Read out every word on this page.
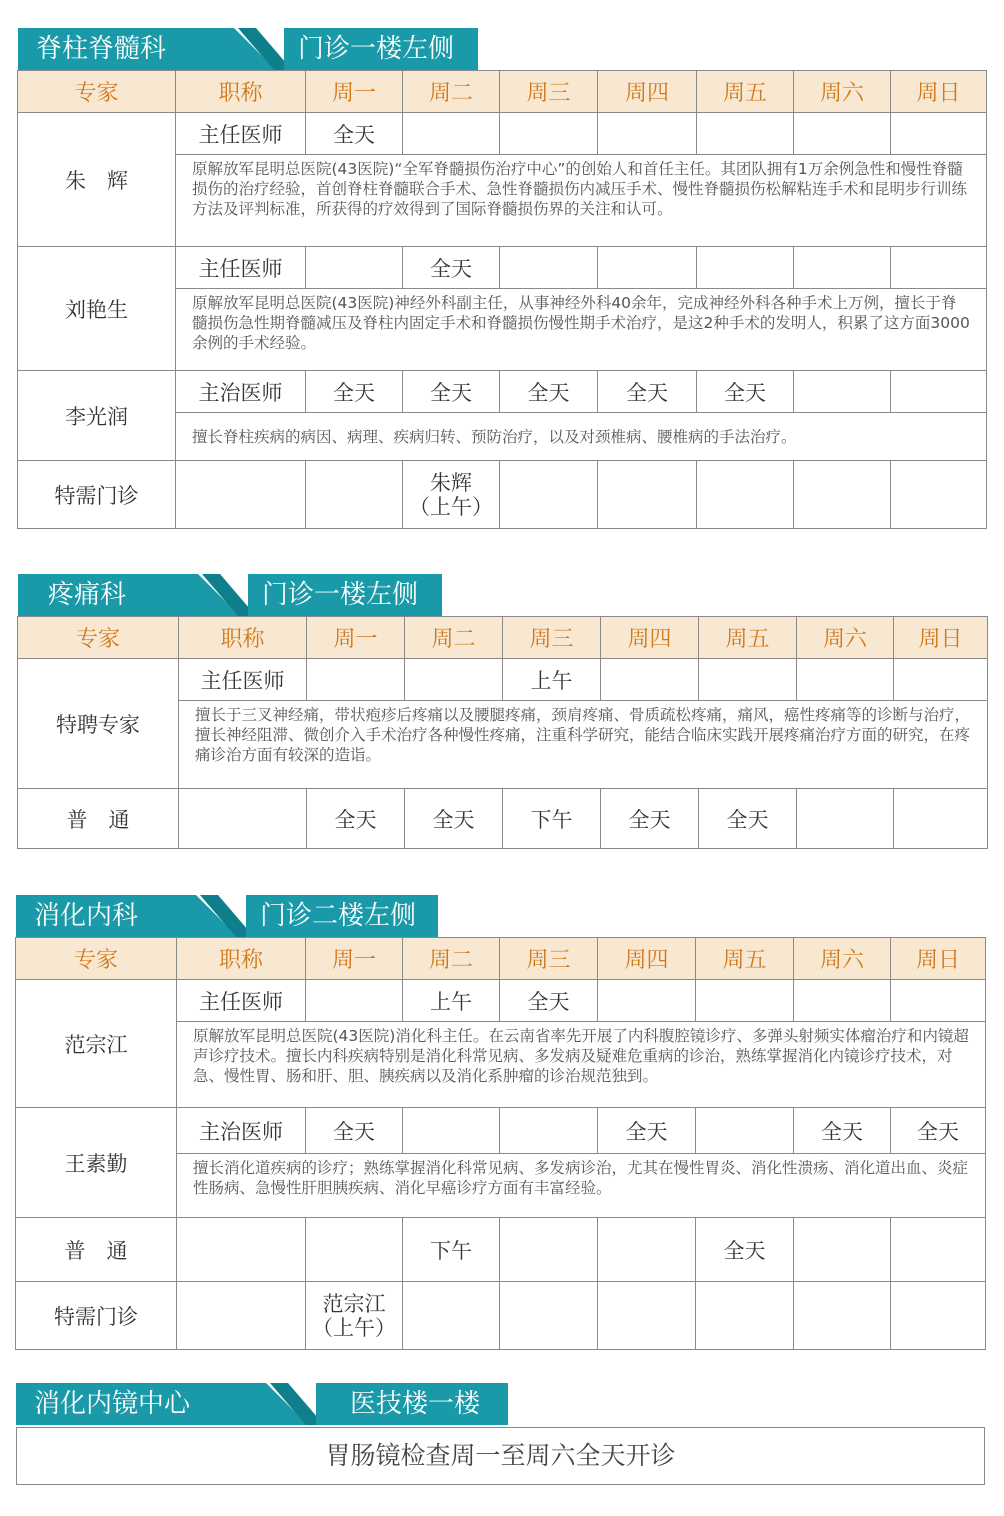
脊柱脊髓科	门诊一楼左侧
专家	职称	周一	周二	周三	周四	周五	周六	周日
朱　辉	主任医师	全天						
	原解放军昆明总医院(43医院)“全军脊髓损伤治疗中心”的创始人和首任主任。其团队拥有1万余例急性和慢性脊髓损伤的治疗经验，首创脊柱脊髓联合手术、急性脊髓损伤内减压手术、慢性脊髓损伤松解粘连手术和昆明步行训练方法及评判标准，所获得的疗效得到了国际脊髓损伤界的关注和认可。							
刘艳生	主任医师		全天					
	原解放军昆明总医院(43医院)神经外科副主任，从事神经外科40余年，完成神经外科各种手术上万例，擅长于脊髓损伤急性期脊髓减压及脊柱内固定手术和脊髓损伤慢性期手术治疗，是这2种手术的发明人，积累了这方面3000余例的手术经验。							
李光润	主治医师	全天	全天	全天	全天	全天		
	擅长脊柱疾病的病因、病理、疾病归转、预防治疗，以及对颈椎病、腰椎病的手法治疗。							
特需门诊			朱辉
（上午）					
疼痛科	门诊一楼左侧
专家	职称	周一	周二	周三	周四	周五	周六	周日
特聘专家	主任医师			上午				
	擅长于三叉神经痛，带状疱疹后疼痛以及腰腿疼痛，颈肩疼痛、骨质疏松疼痛，痛风，癌性疼痛等的诊断与治疗，擅长神经阻滞、微创介入手术治疗各种慢性疼痛，注重科学研究，能结合临床实践开展疼痛治疗方面的研究，在疼痛诊治方面有较深的造诣。							
普　通		全天	全天	下午	全天	全天		
消化内科	门诊二楼左侧
专家	职称	周一	周二	周三	周四	周五	周六	周日
范宗江	主任医师		上午	全天				
	原解放军昆明总医院(43医院)消化科主任。在云南省率先开展了内科腹腔镜诊疗、多弹头射频实体瘤治疗和内镜超声诊疗技术。擅长内科疾病特别是消化科常见病、多发病及疑难危重病的诊治，熟练掌握消化内镜诊疗技术，对急、慢性胃、肠和肝、胆、胰疾病以及消化系肿瘤的诊治规范独到。							
王素勤	主治医师	全天			全天		全天	全天
	擅长消化道疾病的诊疗；熟练掌握消化科常见病、多发病诊治，尤其在慢性胃炎、消化性溃疡、消化道出血、炎症性肠病、急慢性肝胆胰疾病、消化早癌诊疗方面有丰富经验。							
普　通			下午			全天		
特需门诊		范宗江
（上午）						
消化内镜中心	医技楼一楼
胃肠镜检查周一至周六全天开诊
